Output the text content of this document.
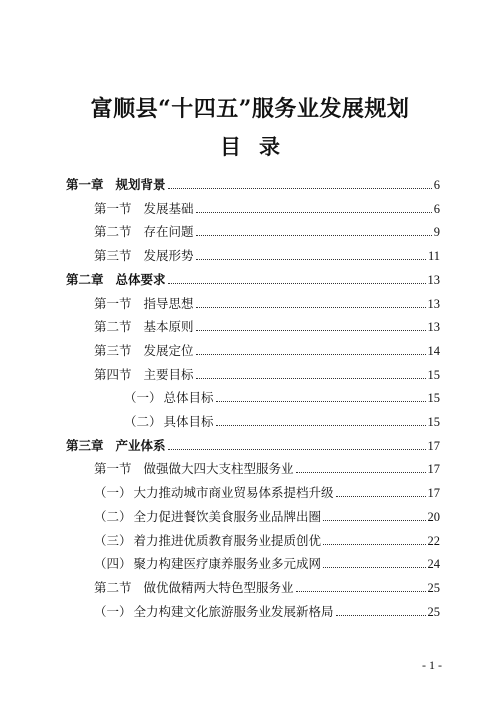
富顺县“十四五”服务业发展规划
目录
第一章 规划背景	6
第一节 发展基础	6
第二节 存在问题	9
第三节 发展形势	11
第二章 总体要求	13
第一节 指导思想	13
第二节 基本原则	13
第三节 发展定位	14
第四节 主要目标	15
（一） 总体目标	15
（二） 具体目标	15
第三章 产业体系	17
第一节 做强做大四大支柱型服务业	17
（一） 大力推动城市商业贸易体系提档升级	17
（二） 全力促进餐饮美食服务业品牌出圈	20
（三） 着力推进优质教育服务业提质创优	22
（四） 聚力构建医疗康养服务业多元成网	24
第二节 做优做精两大特色型服务业	25
（一） 全力构建文化旅游服务业发展新格局	25
- 1 -
